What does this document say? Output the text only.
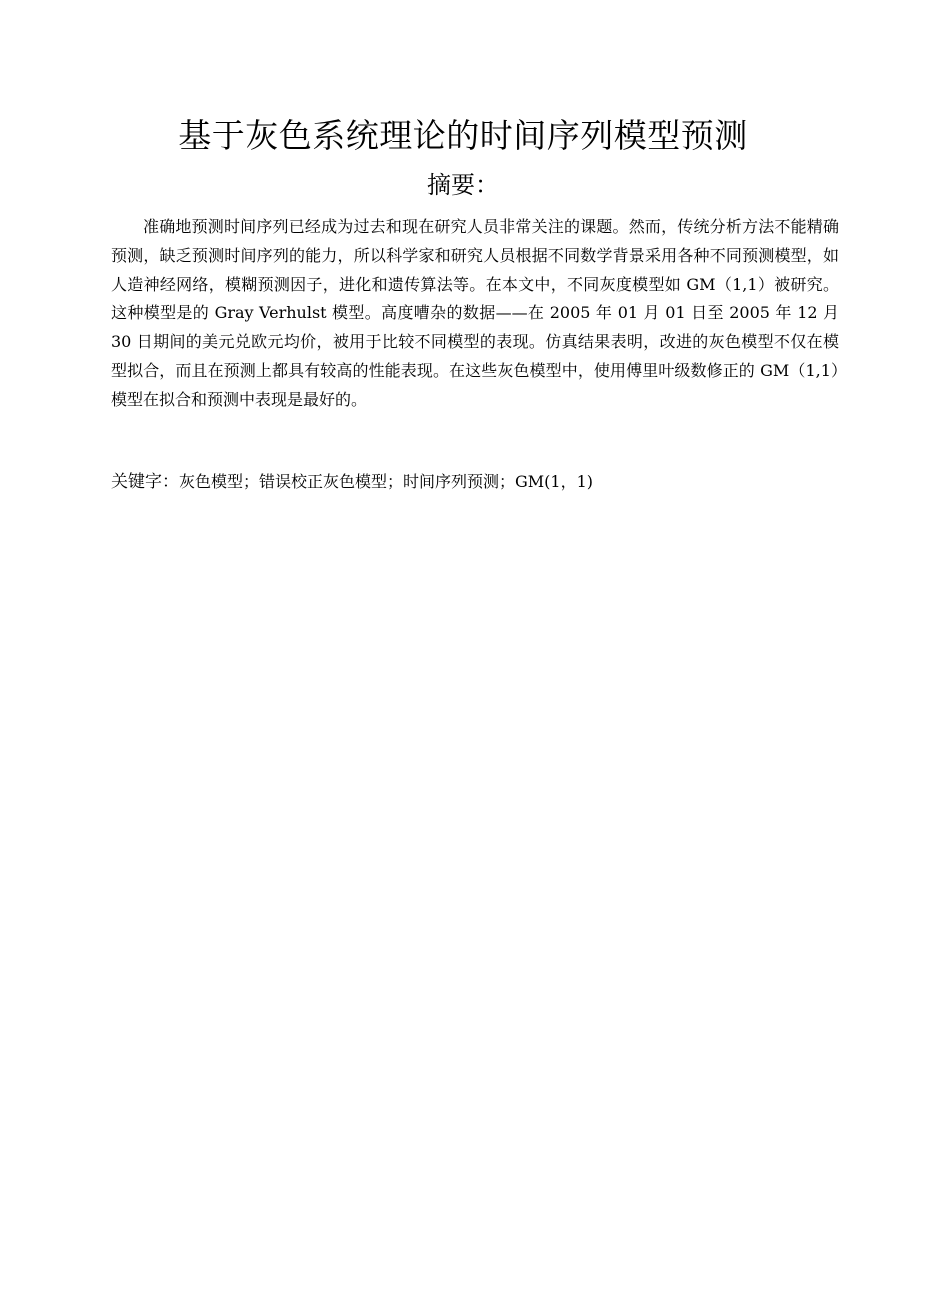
基于灰色系统理论的时间序列模型预测
摘要：

准确地预测时间序列已经成为过去和现在研究人员非常关注的课题。然而，传统分析方法不能精确预测，缺乏预测时间序列的能力，所以科学家和研究人员根据不同数学背景采用各种不同预测模型，如人造神经网络，模糊预测因子，进化和遗传算法等。在本文中，不同灰度模型如 GM（1,1）被研究。这种模型是的 Gray Verhulst 模型。高度嘈杂的数据——在 2005 年 01 月 01 日至 2005 年 12 月 30 日期间的美元兑欧元均价，被用于比较不同模型的表现。仿真结果表明，改进的灰色模型不仅在模型拟合，而且在预测上都具有较高的性能表现。在这些灰色模型中，使用傅里叶级数修正的 GM（1,1）模型在拟合和预测中表现是最好的。

关键字：灰色模型；错误校正灰色模型；时间序列预测；GM(1，1)
